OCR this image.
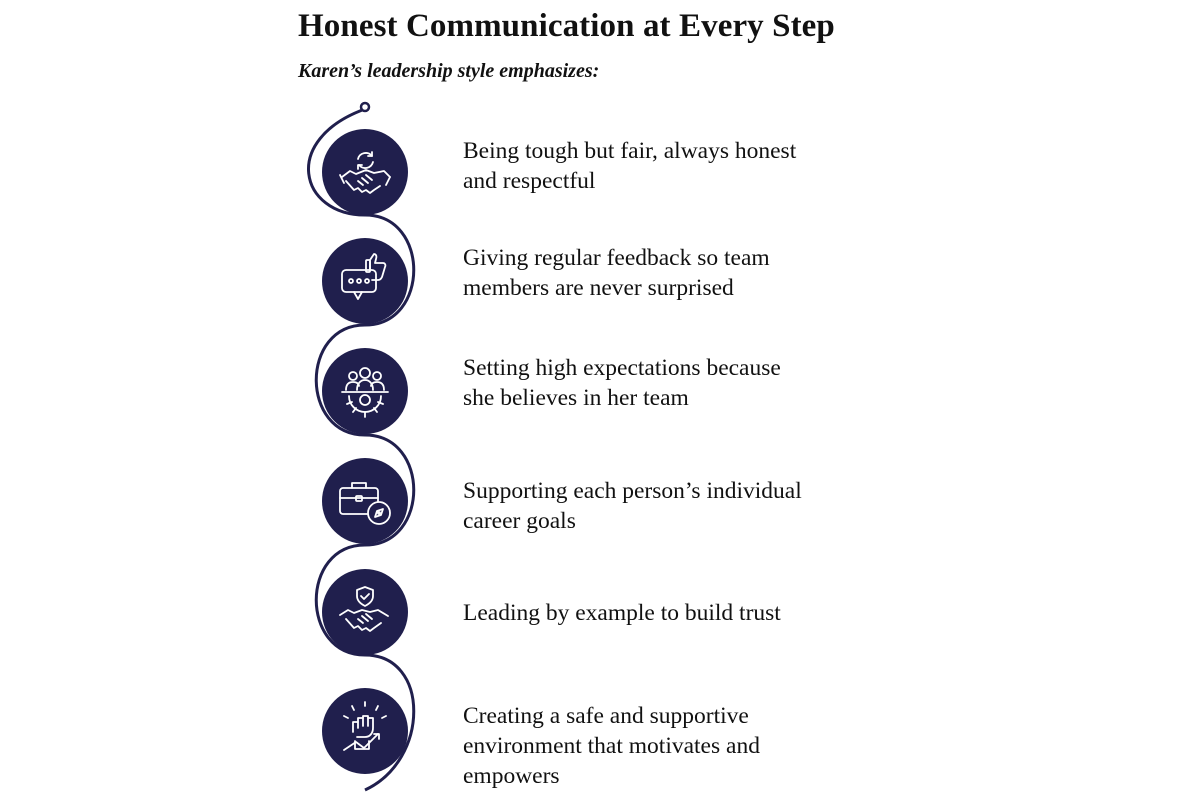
Honest Communication at Every Step

Karen’s leadership style emphasizes:

Being tough but fair, always honest
and respectful
Giving regular feedback so team
members are never surprised
Setting high expectations because
she believes in her team
Supporting each person’s individual
career goals
Leading by example to build trust
Creating a safe and supportive
environment that motivates and
empowers
